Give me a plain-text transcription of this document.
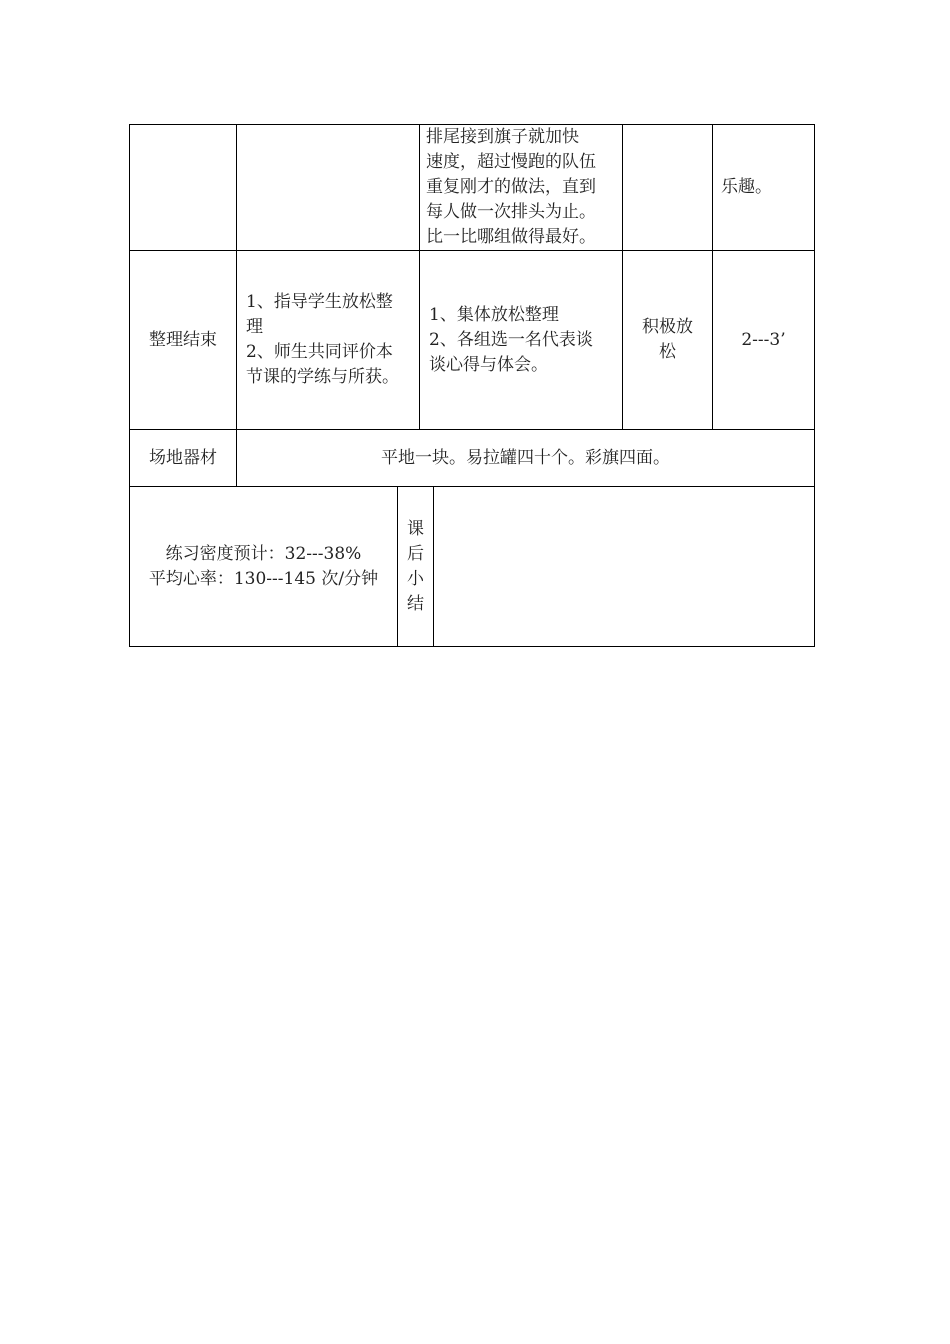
排尾接到旗子就加快
速度，超过慢跑的队伍
重复刚才的做法，直到
每人做一次排头为止。
比一比哪组做得最好。
乐趣。
整理结束
1、指导学生放松整
理
2、师生共同评价本
节课的学练与所获。
1、集体放松整理
2、各组选一名代表谈
谈心得与体会。
积极放
松
2---3’
场地器材	平地一块。易拉罐四十个。彩旗四面。
练习密度预计：32---38%
平均心率：130---145 次/分钟
课
后
小
结
